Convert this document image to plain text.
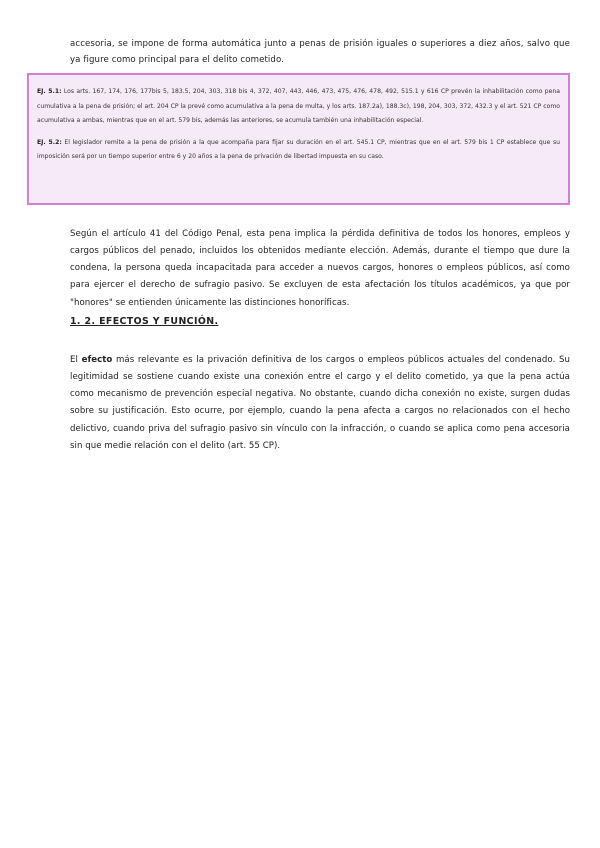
accesoria, se impone de forma automática junto a penas de prisión iguales o superiores a diez años, salvo que ya figure como principal para el delito cometido.

EJ. 5.1: Los arts. 167, 174, 176, 177bis 5, 183.5, 204, 303, 318 bis 4, 372, 407, 443, 446, 473, 475, 476, 478, 492, 515.1 y 616 CP prevén la inhabilitación como pena cumulativa a la pena de prisión; el art. 204 CP la prevé como acumulativa a la pena de multa, y los arts. 187.2a), 188.3c), 198, 204, 303, 372, 432.3 y el art. 521 CP como acumulativa a ambas, mientras que en el art. 579 bis, además las anteriores, se acumula también una inhabilitación especial.

EJ. 5.2: El legislador remite a la pena de prisión a la que acompaña para fijar su duración en el art. 545.1 CP, mientras que en el art. 579 bis 1 CP establece que su imposición será por un tiempo superior entre 6 y 20 años a la pena de privación de libertad impuesta en su caso.

Según el artículo 41 del Código Penal, esta pena implica la pérdida definitiva de todos los honores, empleos y cargos públicos del penado, incluidos los obtenidos mediante elección. Además, durante el tiempo que dure la condena, la persona queda incapacitada para acceder a nuevos cargos, honores o empleos públicos, así como para ejercer el derecho de sufragio pasivo. Se excluyen de esta afectación los títulos académicos, ya que por "honores" se entienden únicamente las distinciones honoríficas.

1. 2. EFECTOS Y FUNCIÓN.

El efecto más relevante es la privación definitiva de los cargos o empleos públicos actuales del condenado. Su legitimidad se sostiene cuando existe una conexión entre el cargo y el delito cometido, ya que la pena actúa como mecanismo de prevención especial negativa. No obstante, cuando dicha conexión no existe, surgen dudas sobre su justificación. Esto ocurre, por ejemplo, cuando la pena afecta a cargos no relacionados con el hecho delictivo, cuando priva del sufragio pasivo sin vínculo con la infracción, o cuando se aplica como pena accesoria sin que medie relación con el delito (art. 55 CP).
